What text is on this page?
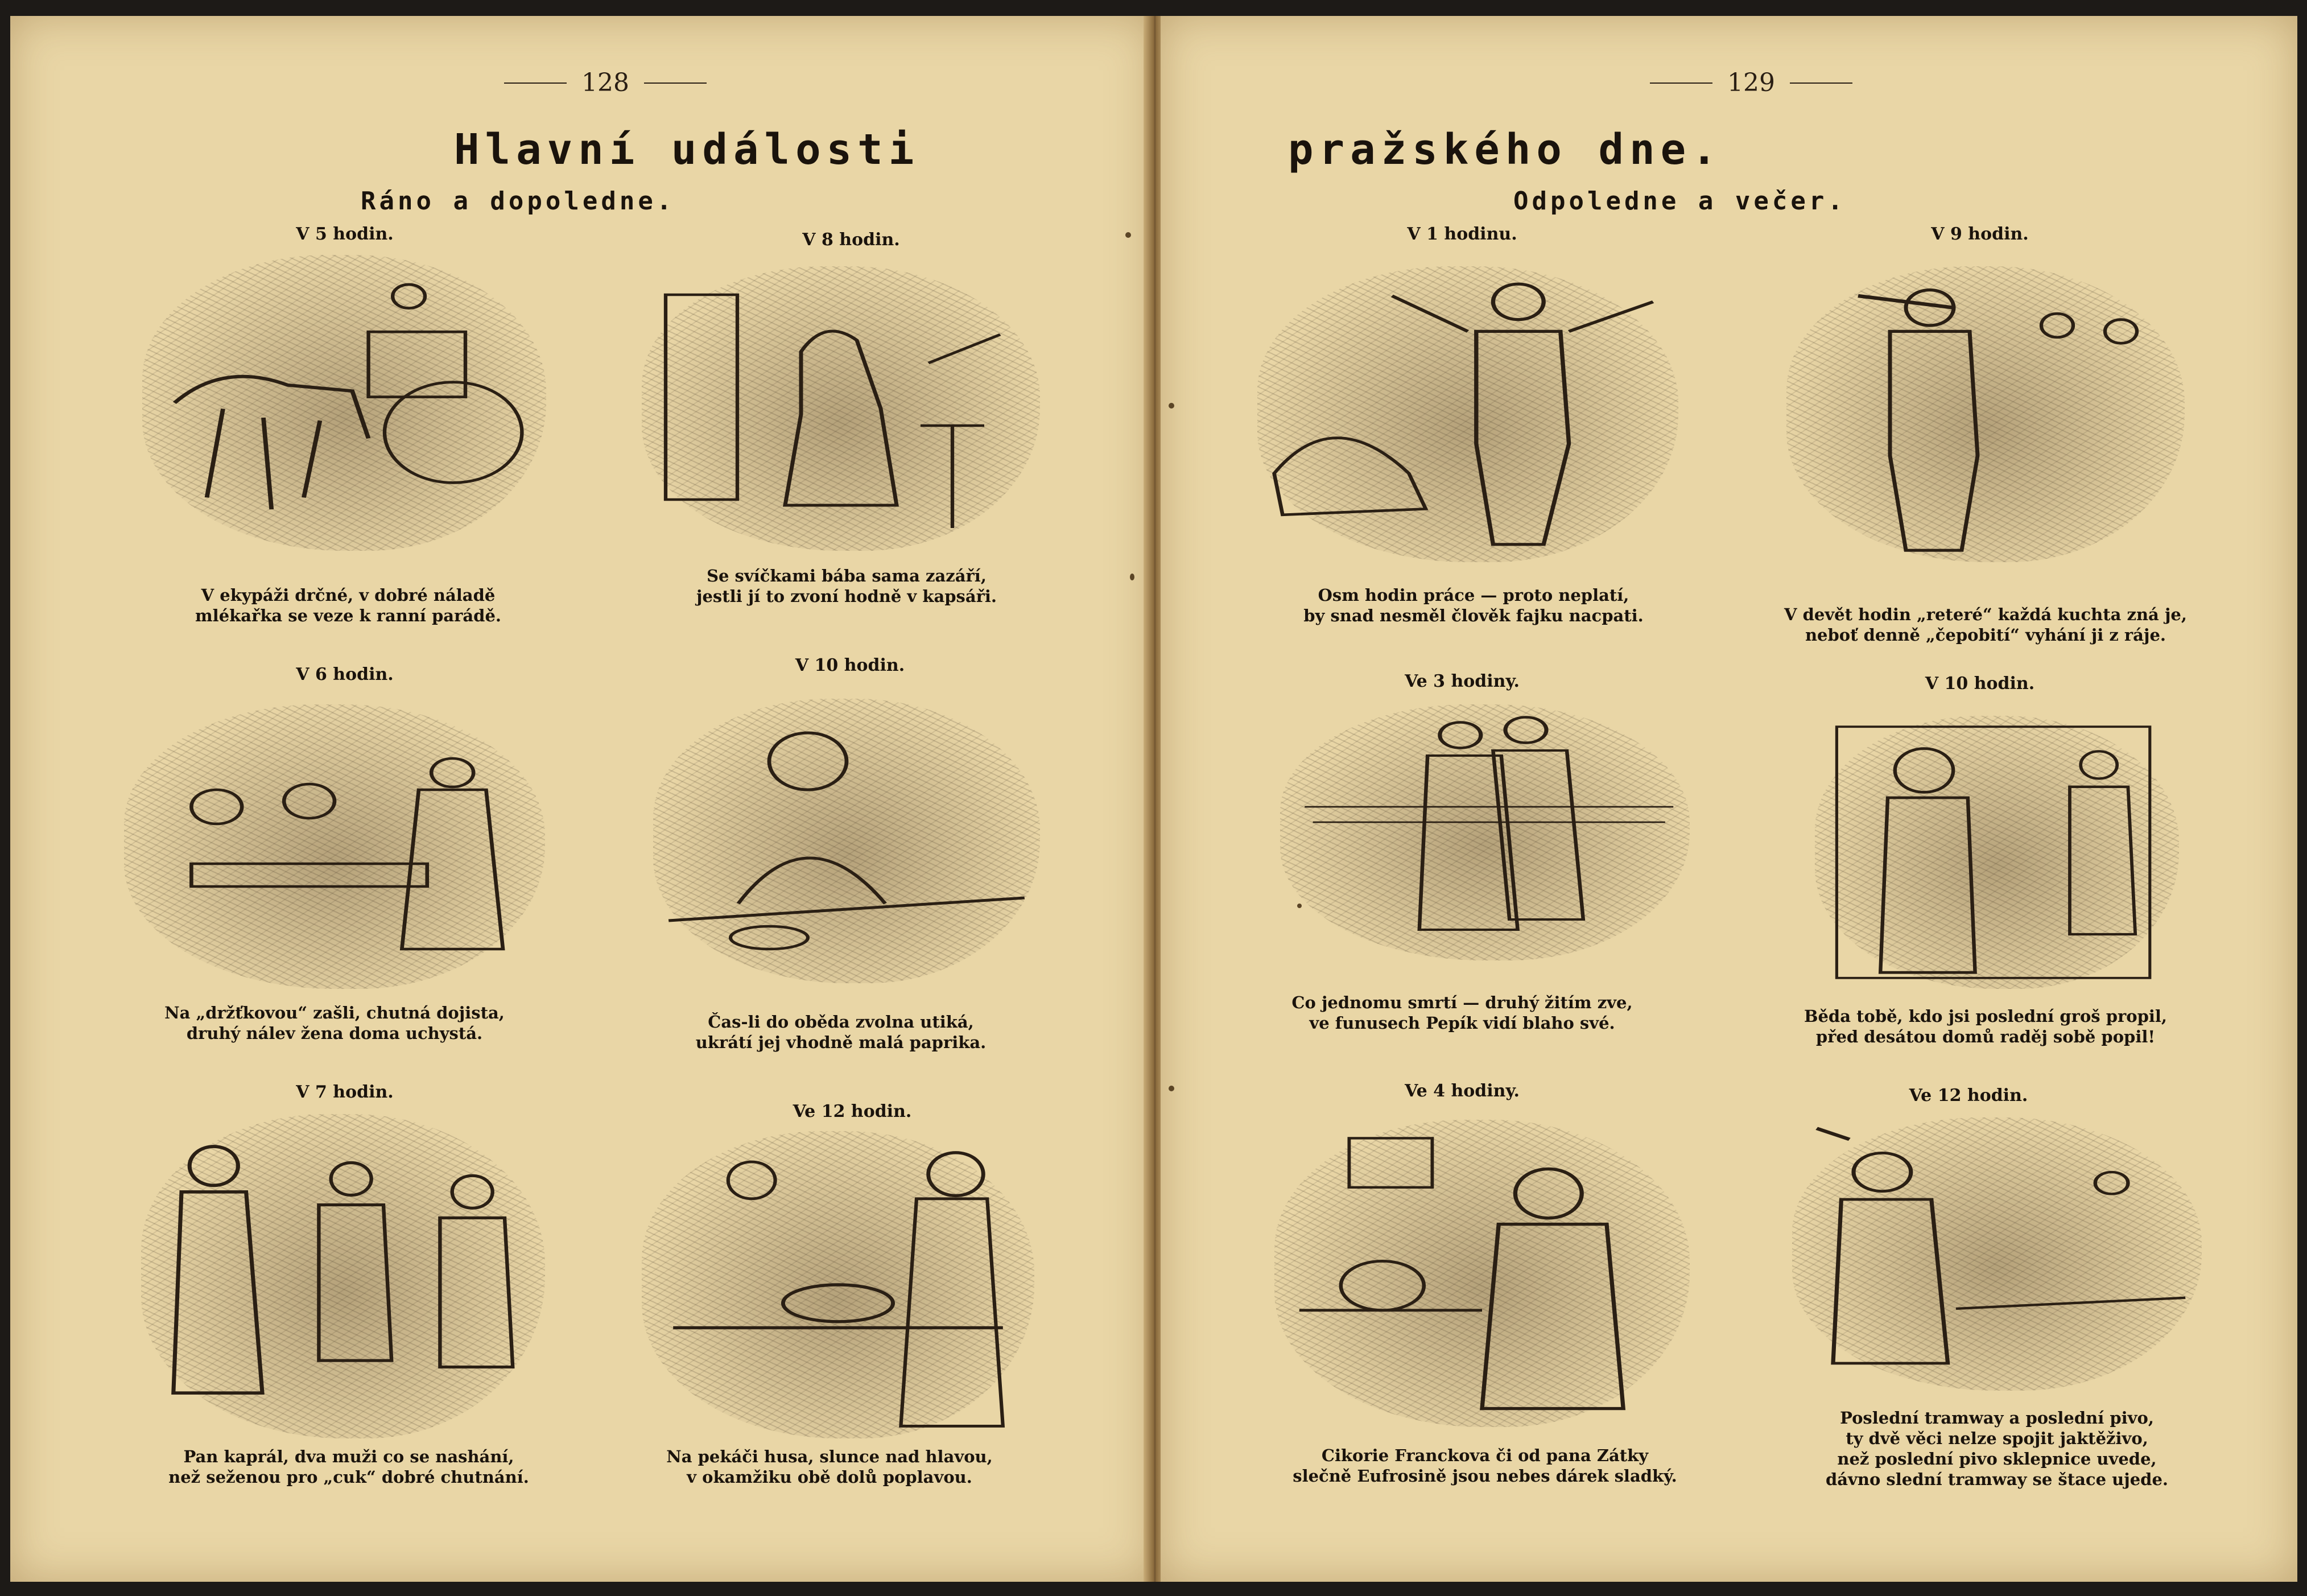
128
Hlavní události
Ráno a dopoledne.
V 5 hodin.
V ekypáži drčné, v dobré náladě
mlékařka se veze k ranní parádě.
V 8 hodin.
Se svíčkami bába sama zazáří,
jestli jí to zvoní hodně v kapsáři.
V 6 hodin.
Na „držťkovou“ zašli, chutná dojista,
druhý nálev žena doma uchystá.
V 10 hodin.
Čas-li do oběda zvolna utiká,
ukrátí jej vhodně malá paprika.
V 7 hodin.
Pan kaprál, dva muži co se nashání,
než seženou pro „cuk“ dobré chutnání.
Ve 12 hodin.
Na pekáči husa, slunce nad hlavou,
v okamžiku obě dolů poplavou.
129
pražského dne.
Odpoledne a večer.
V 1 hodinu.
Osm hodin práce — proto neplatí,
by snad nesměl člověk fajku nacpati.
V 9 hodin.
V devět hodin „reteré“ každá kuchta zná je,
neboť denně „čepobití“ vyhání ji z ráje.
Ve 3 hodiny.
Co jednomu smrtí — druhý žitím zve,
ve funusech Pepík vidí blaho své.
V 10 hodin.
Běda tobě, kdo jsi poslední groš propil,
před desátou domů raděj sobě popil!
Ve 4 hodiny.
Cikorie Franckova či od pana Zátky
slečně Eufrosině jsou nebes dárek sladký.
Ve 12 hodin.
Poslední tramway a poslední pivo,
ty dvě věci nelze spojit jaktěživo,
než poslední pivo sklepnice uvede,
dávno slední tramway se štace ujede.
